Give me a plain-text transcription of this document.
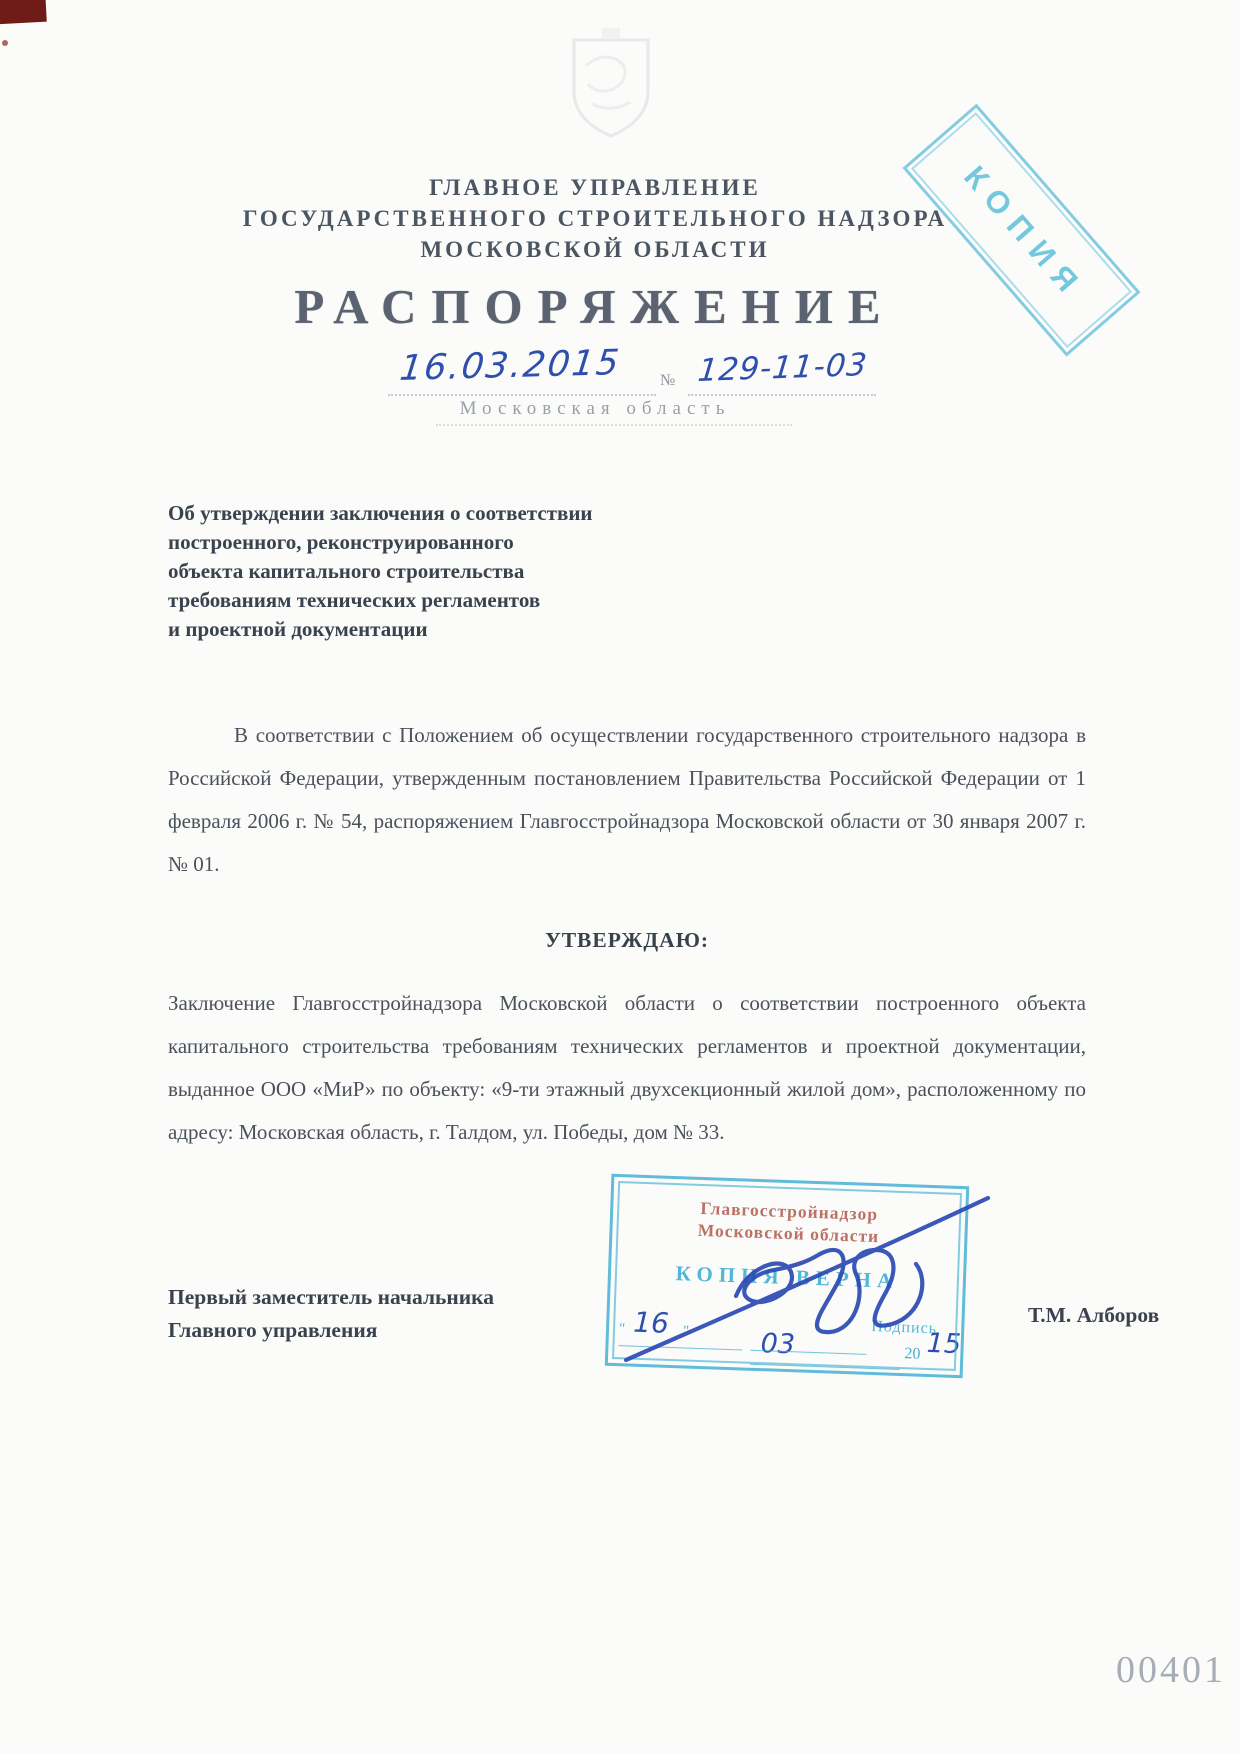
ГЛАВНОЕ УПРАВЛЕНИЕ
ГОСУДАРСТВЕННОГО СТРОИТЕЛЬНОГО НАДЗОРА
МОСКОВСКОЙ ОБЛАСТИ	КОПИЯ
РАСПОРЯЖЕНИЕ
16.03.2015 № 129-11-03
Московская область
Об утверждении заключения о соответствии
построенного, реконструированного
объекта капитального строительства
требованиям технических регламентов
и проектной документации
В соответствии с Положением об осуществлении государственного строительного надзора в Российской Федерации, утвержденным постановлением Правительства Российской Федерации от 1 февраля 2006 г. № 54, распоряжением Главгосстройнадзора Московской области от 30 января 2007 г. № 01.
УТВЕРЖДАЮ:
Заключение Главгосстройнадзора Московской области о соответствии построенного объекта капитального строительства требованиям технических регламентов и проектной документации, выданное ООО «МиР» по объекту: «9-ти этажный двухсекционный жилой дом», расположенному по адресу: Московская область, г. Талдом, ул. Победы, дом № 33.
Главгосстройнадзор
Московской области
КОПИЯ ВЕРНА
" 16 "	03
Подпись
20 15
Первый заместитель начальника
Главного управления
Т.М. Алборов
00401
